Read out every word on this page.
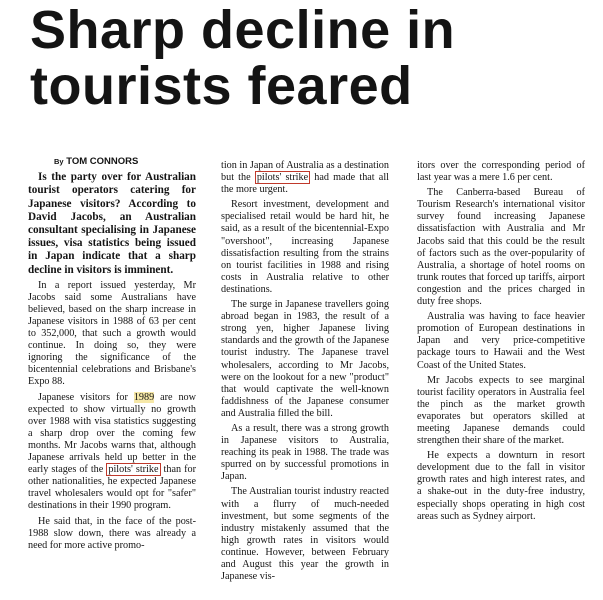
Sharp decline in
tourists feared
By TOM CONNORS

Is the party over for Australian tourist operators catering for Japanese visitors? According to David Jacobs, an Australian consultant specialising in Japanese issues, visa statistics being issued in Japan indicate that a sharp decline in visitors is imminent.

In a report issued yesterday, Mr Jacobs said some Australians have believed, based on the sharp increase in Japanese visitors in 1988 of 63 per cent to 352,000, that such a growth would continue. In doing so, they were ignoring the significance of the bicentennial celebrations and Brisbane's Expo 88.

Japanese visitors for 1989 are now expected to show virtually no growth over 1988 with visa statistics suggesting a sharp drop over the coming few months. Mr Jacobs warns that, although Japanese arrivals held up better in the early stages of the pilots' strike than for other nationalities, he expected Japanese travel wholesalers would opt for "safer" destinations in their 1990 program.

He said that, in the face of the post-1988 slow down, there was already a need for more active promo-

tion in Japan of Australia as a destination but the pilots' strike had made that all the more urgent.

Resort investment, development and specialised retail would be hard hit, he said, as a result of the bicentennial-Expo "overshoot", increasing Japanese dissatisfaction resulting from the strains on tourist facilities in 1988 and rising costs in Australia relative to other destinations.

The surge in Japanese travellers going abroad began in 1983, the result of a strong yen, higher Japanese living standards and the growth of the Japanese tourist industry. The Japanese travel wholesalers, according to Mr Jacobs, were on the lookout for a new "product" that would captivate the well-known faddishness of the Japanese consumer and Australia filled the bill.

As a result, there was a strong growth in Japanese visitors to Australia, reaching its peak in 1988. The trade was spurred on by successful promotions in Japan.

The Australian tourist industry reacted with a flurry of much-needed investment, but some segments of the industry mistakenly assumed that the high growth rates in visitors would continue. However, between February and August this year the growth in Japanese vis-

itors over the corresponding period of last year was a mere 1.6 per cent.

The Canberra-based Bureau of Tourism Research's international visitor survey found increasing Japanese dissatisfaction with Australia and Mr Jacobs said that this could be the result of factors such as the over-popularity of Australia, a shortage of hotel rooms on trunk routes that forced up tariffs, airport congestion and the prices charged in duty free shops.

Australia was having to face heavier promotion of European destinations in Japan and very price-competitive package tours to Hawaii and the West Coast of the United States.

Mr Jacobs expects to see marginal tourist facility operators in Australia feel the pinch as the market growth evaporates but operators skilled at meeting Japanese demands could strengthen their share of the market.

He expects a downturn in resort development due to the fall in visitor growth rates and high interest rates, and a shake-out in the duty-free industry, especially shops operating in high cost areas such as Sydney airport.
